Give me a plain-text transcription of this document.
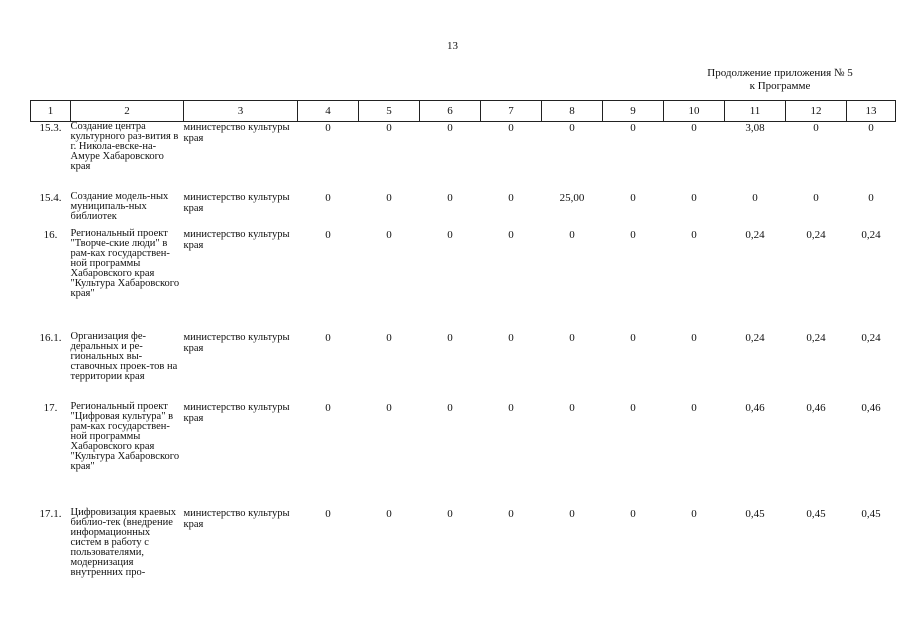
13
Продолжение приложения № 5
к Программе
1	2	3	4	5	6	7	8	9	10	11	12	13
15.3.	Создание центра культурного раз-вития в г. Никола-евске-на-Амуре Хабаровского края	министерство культуры края	0	0	0	0	0	0	0	3,08	0	0
15.4.	Создание модель-ных муниципаль-ных библиотек	министерство культуры края	0	0	0	0	25,00	0	0	0	0	0
16.	Региональный проект "Творче-ские люди" в рам-ках государствен-ной программы Хабаровского края "Культура Хабаровского края"	министерство культуры края	0	0	0	0	0	0	0	0,24	0,24	0,24
16.1.	Организация фе-деральных и ре-гиональных вы-ставочных проек-тов на территории края	министерство культуры края	0	0	0	0	0	0	0	0,24	0,24	0,24
17.	Региональный проект "Цифровая культура" в рам-ках государствен-ной программы Хабаровского края "Культура Хабаровского края"	министерство культуры края	0	0	0	0	0	0	0	0,46	0,46	0,46
17.1.	Цифровизация краевых библио-тек (внедрение информационных систем в работу с пользователями, модернизация внутренних про-	министерство культуры края	0	0	0	0	0	0	0	0,45	0,45	0,45
